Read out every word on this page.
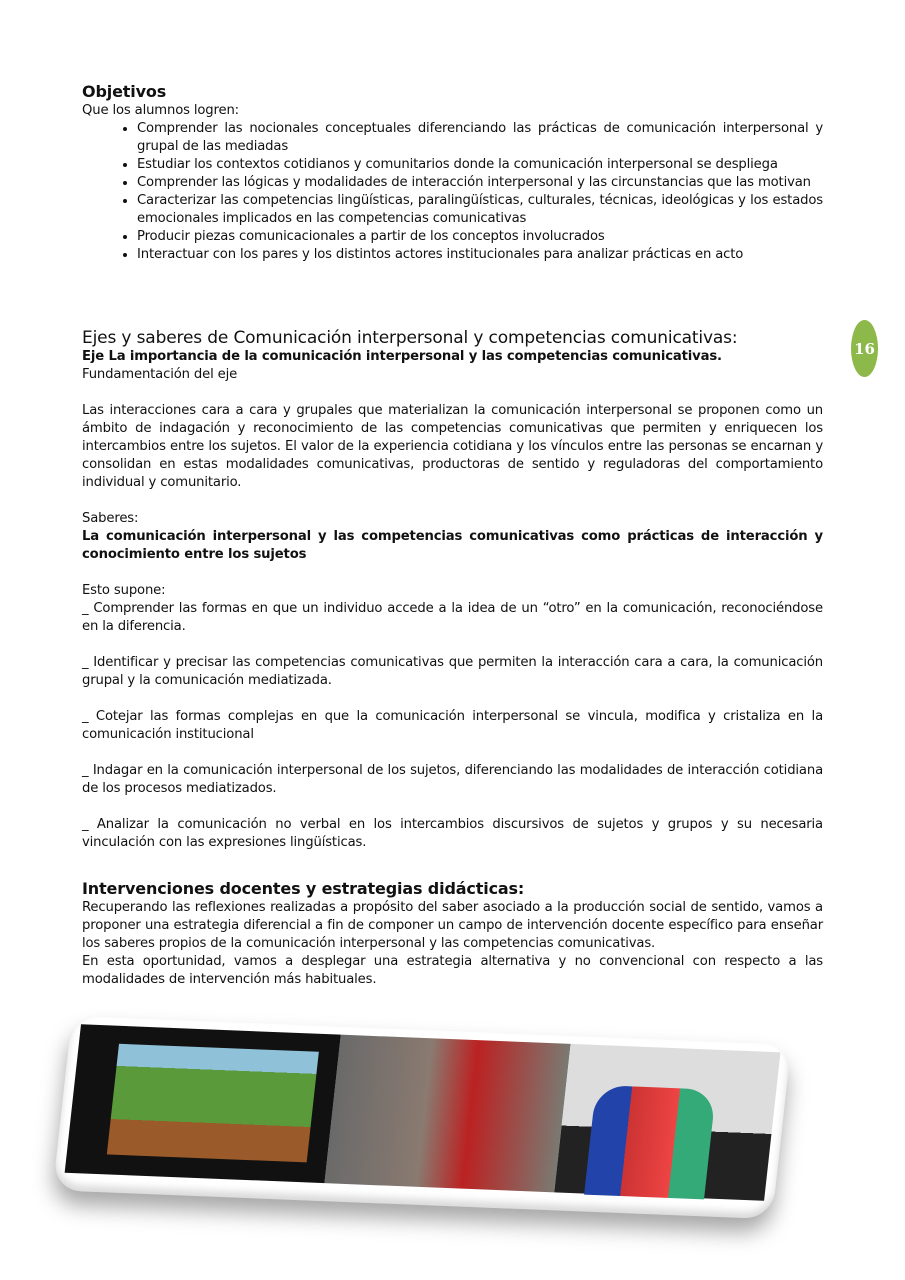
16
Objetivos

Que los alumnos logren:

• Comprender las nocionales conceptuales diferenciando las prácticas de comunicación interpersonal y grupal de las mediadas
• Estudiar los contextos cotidianos y comunitarios donde la comunicación interpersonal se despliega
• Comprender las lógicas y modalidades de interacción interpersonal y las circunstancias que las motivan
• Caracterizar las competencias lingüísticas, paralingüísticas, culturales, técnicas, ideológicas y los estados emocionales implicados en las competencias comunicativas
• Producir piezas comunicacionales a partir de los conceptos involucrados
• Interactuar con los pares y los distintos actores institucionales para analizar prácticas en acto
Ejes y saberes de Comunicación interpersonal y competencias comunicativas:

Eje La importancia de la comunicación interpersonal y las competencias comunicativas.

Fundamentación del eje

Las interacciones cara a cara y grupales que materializan la comunicación interpersonal se proponen como un ámbito de indagación y reconocimiento de las competencias comunicativas que permiten y enriquecen los intercambios entre los sujetos. El valor de la experiencia cotidiana y los vínculos entre las personas se encarnan y consolidan en estas modalidades comunicativas, productoras de sentido y reguladoras del comportamiento individual y comunitario.

Saberes:

La comunicación interpersonal y las competencias comunicativas como prácticas de interacción y conocimiento entre los sujetos

Esto supone:

_ Comprender las formas en que un individuo accede a la idea de un “otro” en la comunicación, reconociéndose en la diferencia.

_ Identificar y precisar las competencias comunicativas que permiten la interacción cara a cara, la comunicación grupal y la comunicación mediatizada.

_ Cotejar las formas complejas en que la comunicación interpersonal se vincula, modifica y cristaliza en la comunicación institucional

_ Indagar en la comunicación interpersonal de los sujetos, diferenciando las modalidades de interacción cotidiana de los procesos mediatizados.

_ Analizar la comunicación no verbal en los intercambios discursivos de sujetos y grupos y su necesaria vinculación con las expresiones lingüísticas.

Intervenciones docentes y estrategias didácticas:

Recuperando las reflexiones realizadas a propósito del saber asociado a la producción social de sentido, vamos a proponer una estrategia diferencial a fin de componer un campo de intervención docente específico para enseñar los saberes propios de la comunicación interpersonal y las competencias comunicativas.

En esta oportunidad, vamos a desplegar una estrategia alternativa y no convencional con respecto a las modalidades de intervención más habituales.
